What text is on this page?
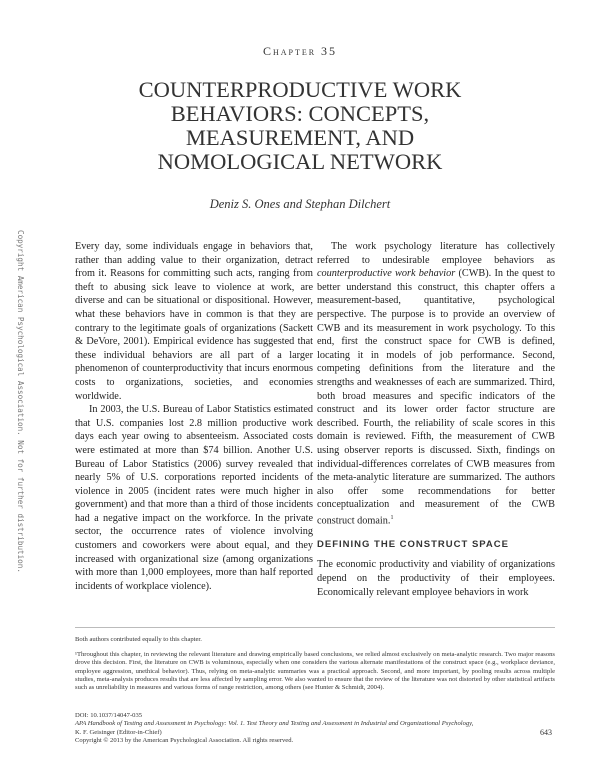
Chapter 35
COUNTERPRODUCTIVE WORK
BEHAVIORS: CONCEPTS,
MEASUREMENT, AND
NOMOLOGICAL NETWORK
Deniz S. Ones and Stephan Dilchert
Copyright American Psychological Association. Not for further distribution.	Every day, some individuals engage in behaviors that, rather than adding value to their organization, detract from it. Reasons for committing such acts, ranging from theft to abusing sick leave to violence at work, are diverse and can be situational or dispositional. However, what these behaviors have in common is that they are contrary to the legitimate goals of organizations (Sackett & DeVore, 2001). Empirical evidence has suggested that these individual behaviors are all part of a larger phenomenon of counterproductivity that incurs enormous costs to organizations, societies, and economies worldwide.

In 2003, the U.S. Bureau of Labor Statistics estimated that U.S. companies lost 2.8 million productive work days each year owing to absenteeism. Associated costs were estimated at more than $74 billion. Another U.S. Bureau of Labor Statistics (2006) survey revealed that nearly 5% of U.S. corporations reported incidents of violence in 2005 (incident rates were much higher in government) and that more than a third of those incidents had a negative impact on the workforce. In the private sector, the occurrence rates of violence involving customers and coworkers were about equal, and they increased with organizational size (among organizations with more than 1,000 employees, more than half reported incidents of workplace violence).

The work psychology literature has collectively referred to undesirable employee behaviors as counterproductive work behavior (CWB). In the quest to better understand this construct, this chapter offers a measurement-based, quantitative, psychological perspective. The purpose is to provide an overview of CWB and its measurement in work psychology. To this end, first the construct space for CWB is defined, locating it in models of job performance. Second, competing definitions from the literature and the strengths and weaknesses of each are summarized. Third, both broad measures and specific indicators of the construct and its lower order factor structure are described. Fourth, the reliability of scale scores in this domain is reviewed. Fifth, the measurement of CWB using observer reports is discussed. Sixth, findings on individual-differences correlates of CWB measures from the meta-analytic literature are summarized. The authors also offer some recommendations for better conceptualization and measurement of the CWB construct domain.$^1$

DEFINING THE CONSTRUCT SPACE

The economic productivity and viability of organizations depend on the productivity of their employees. Economically relevant employee behaviors in work

Both authors contributed equally to this chapter.
¹Throughout this chapter, in reviewing the relevant literature and drawing empirically based conclusions, we relied almost exclusively on meta-analytic research. Two major reasons drove this decision. First, the literature on CWB is voluminous, especially when one considers the various alternate manifestations of the construct space (e.g., workplace deviance, employee aggression, unethical behavior). Thus, relying on meta-analytic summaries was a practical approach. Second, and more important, by pooling results across multiple studies, meta-analysis produces results that are less affected by sampling error. We also wanted to ensure that the review of the literature was not distorted by other statistical artifacts such as unreliability in measures and various forms of range restriction, among others (see Hunter & Schmidt, 2004).
DOI: 10.1037/14047-035
APA Handbook of Testing and Assessment in Psychology: Vol. 1. Test Theory and Testing and Assessment in Industrial and Organizational Psychology,
K. F. Geisinger (Editor-in-Chief)
Copyright © 2013 by the American Psychological Association. All rights reserved.
643
